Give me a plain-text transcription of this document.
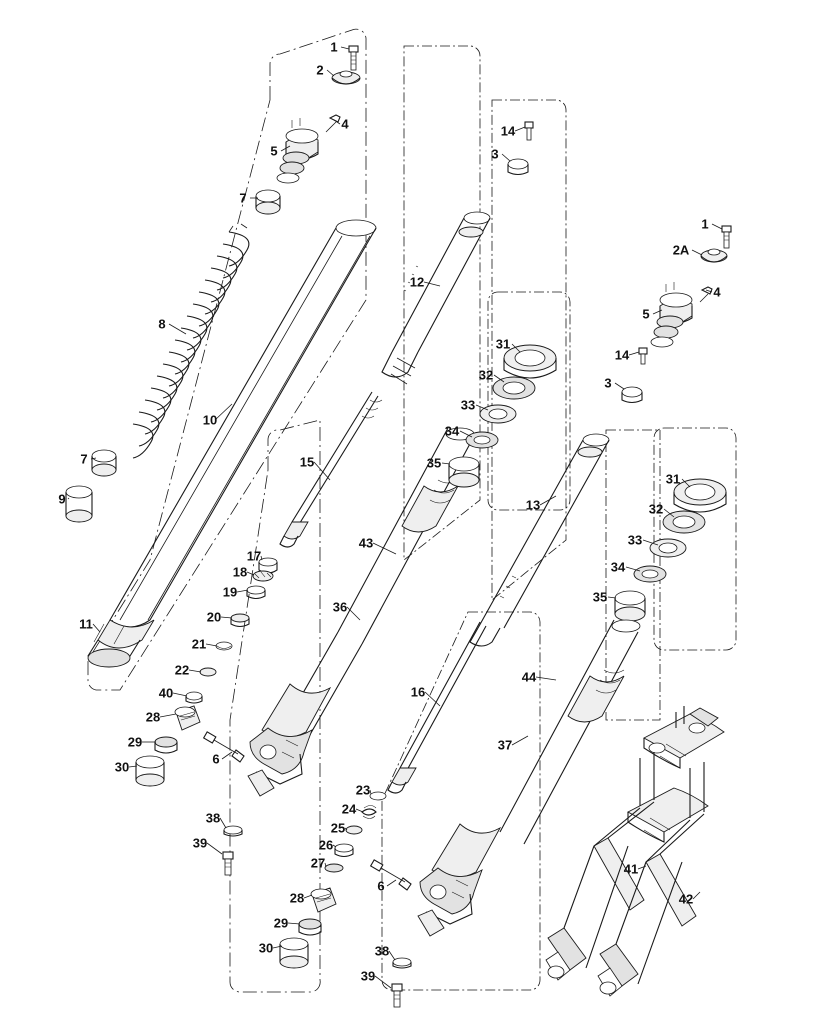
1
2
4
5
7
14
3
1
2A
4
5
14
3
8
10
12
31
32
33
34
35
7
9
15
13
31
32
33
34
35
43
17
18
19
20
21
22
40
28
29
30
11
36
6
38
39
16
44
37
23
24
25
26
27
28
29
30
6
38
39
41
42
